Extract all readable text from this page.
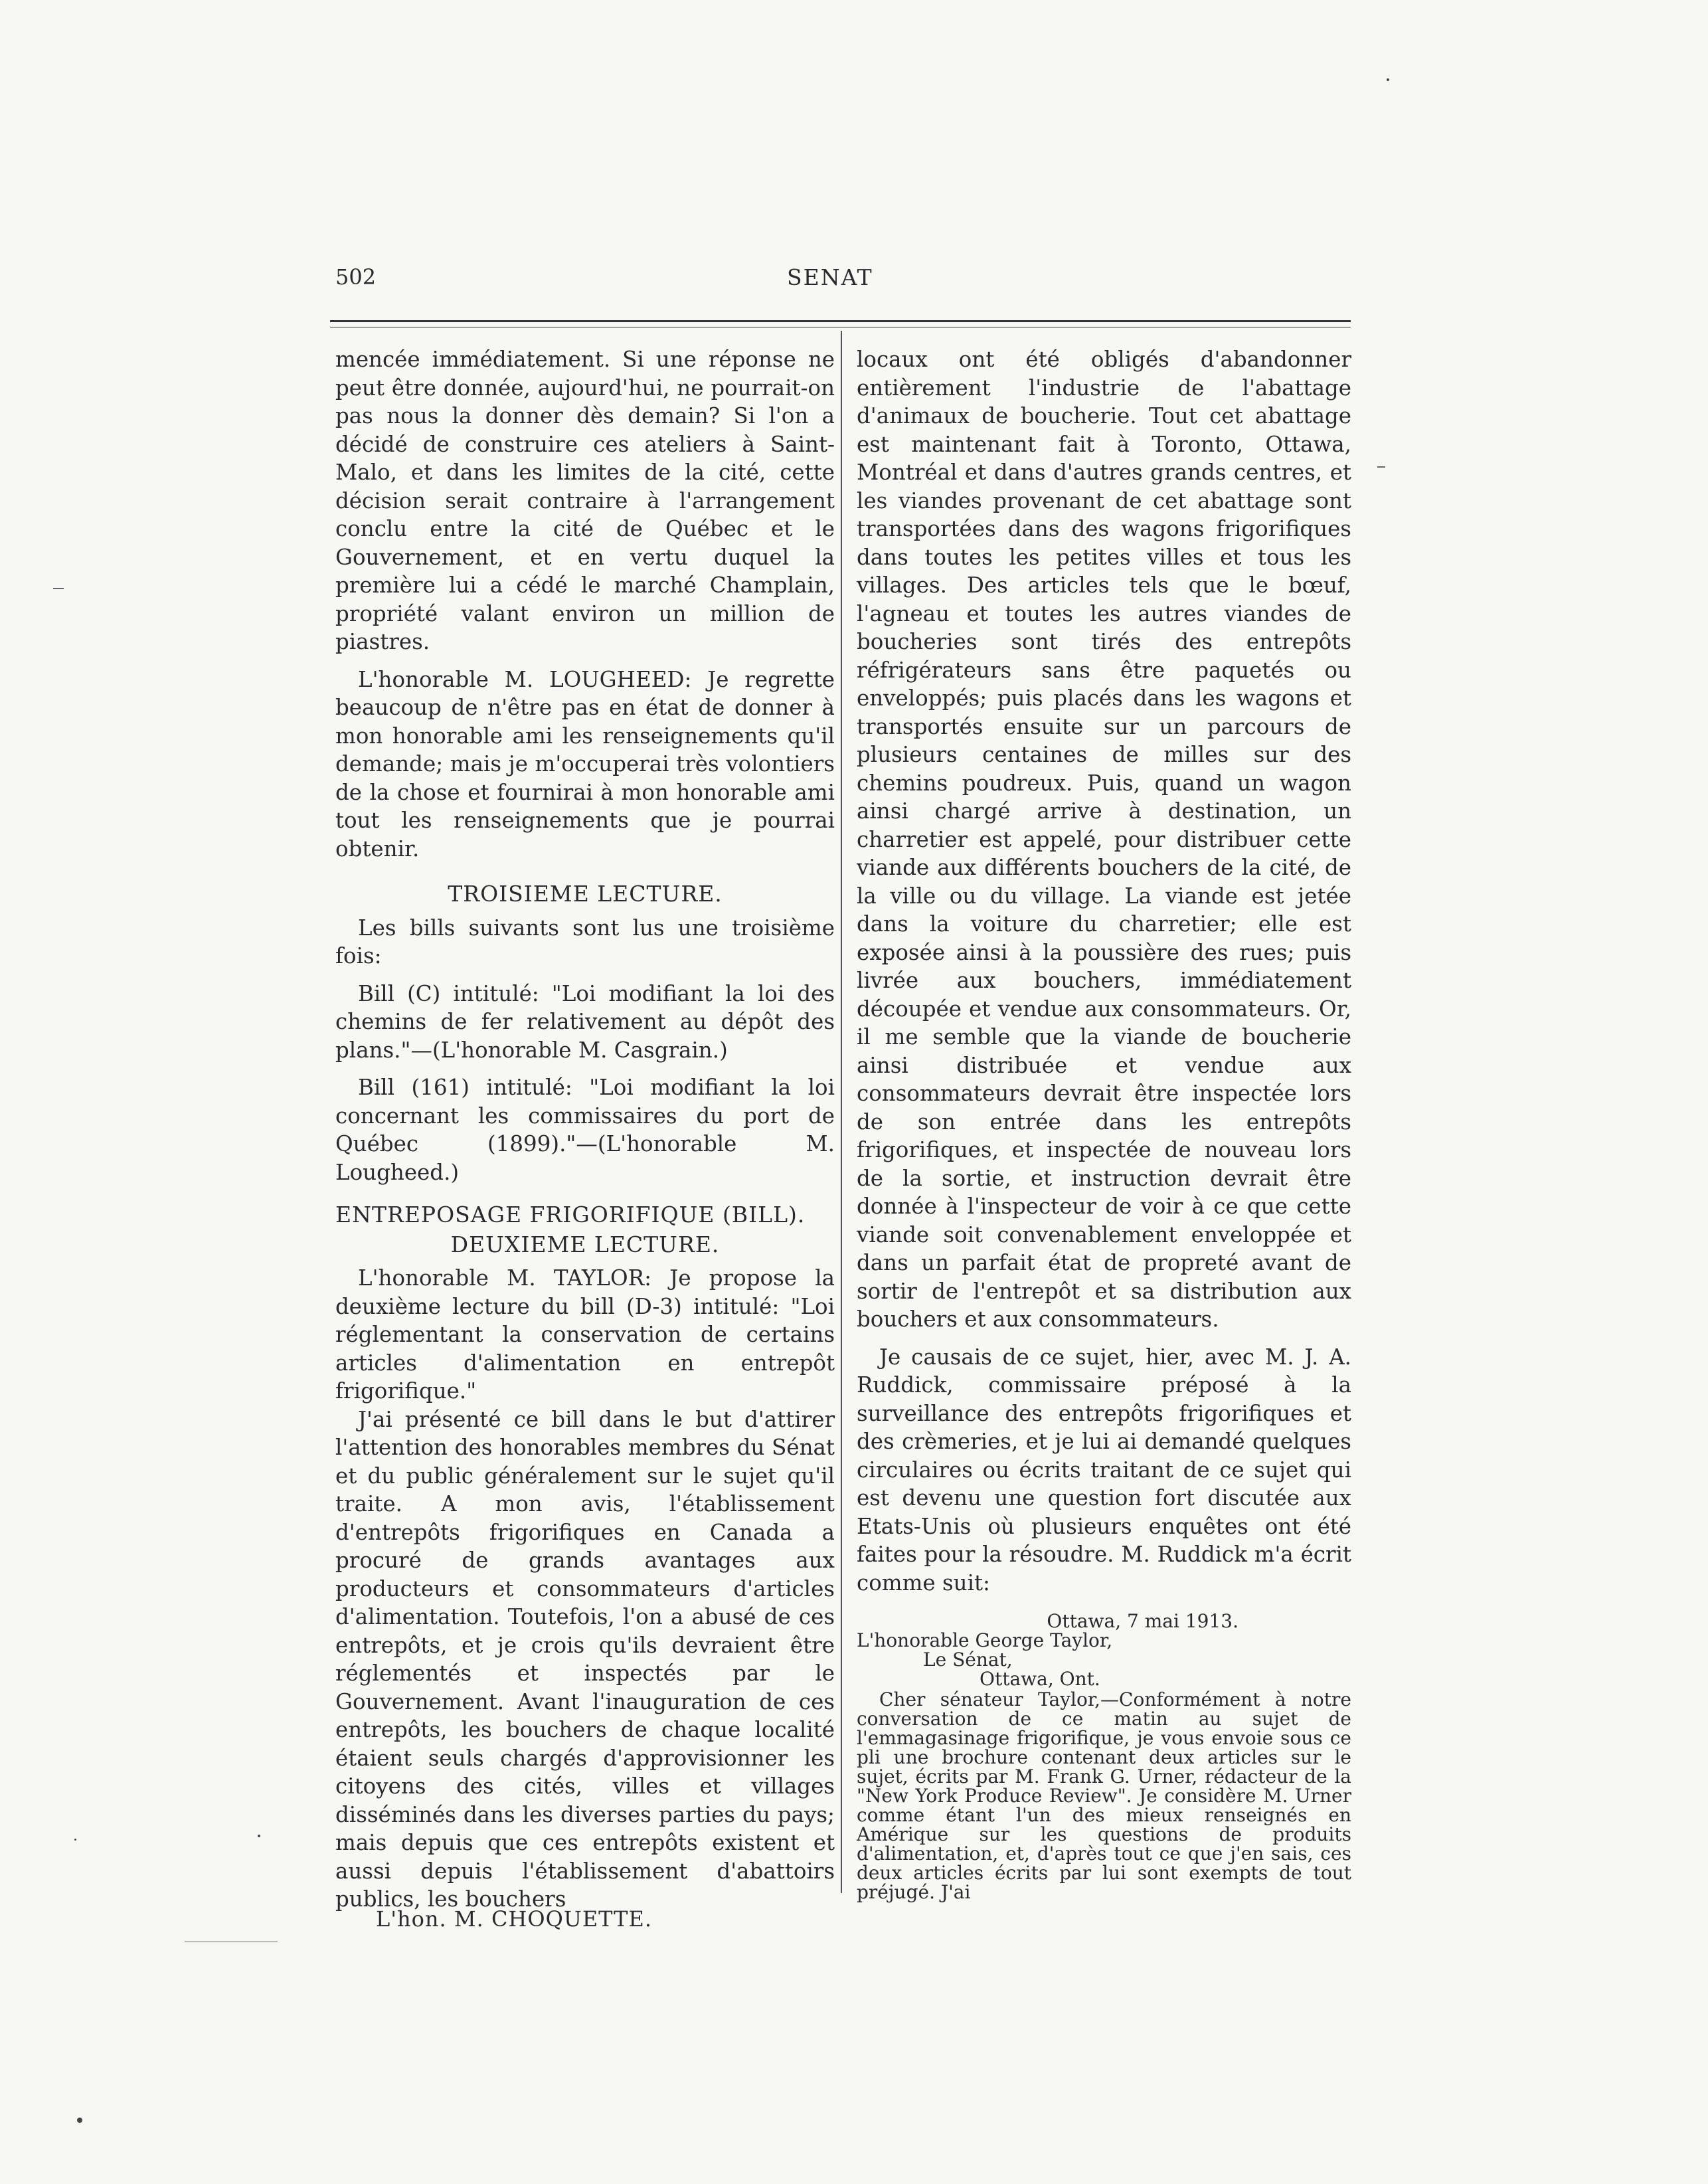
502	SENAT

mencée immédiatement. Si une réponse ne peut être donnée, aujourd'hui, ne pourrait-on pas nous la donner dès demain? Si l'on a décidé de construire ces ateliers à Saint-Malo, et dans les limites de la cité, cette décision serait contraire à l'arrangement conclu entre la cité de Québec et le Gouvernement, et en vertu duquel la première lui a cédé le marché Champlain, propriété valant environ un million de piastres.

L'honorable M. LOUGHEED: Je regrette beaucoup de n'être pas en état de donner à mon honorable ami les renseignements qu'il demande; mais je m'occuperai très volontiers de la chose et fournirai à mon honorable ami tout les renseignements que je pourrai obtenir.

TROISIEME LECTURE.

Les bills suivants sont lus une troisième fois:

Bill (C) intitulé: "Loi modifiant la loi des chemins de fer relativement au dépôt des plans."—(L'honorable M. Casgrain.)

Bill (161) intitulé: "Loi modifiant la loi concernant les commissaires du port de Québec (1899)."—(L'honorable M. Lougheed.)

ENTREPOSAGE FRIGORIFIQUE (BILL).
DEUXIEME LECTURE.

L'honorable M. TAYLOR: Je propose la deuxième lecture du bill (D-3) intitulé: "Loi réglementant la conservation de certains articles d'alimentation en entrepôt frigorifique."

J'ai présenté ce bill dans le but d'attirer l'attention des honorables membres du Sénat et du public généralement sur le sujet qu'il traite. A mon avis, l'établissement d'entrepôts frigorifiques en Canada a procuré de grands avantages aux producteurs et consommateurs d'articles d'alimentation. Toutefois, l'on a abusé de ces entrepôts, et je crois qu'ils devraient être réglementés et inspectés par le Gouvernement. Avant l'inauguration de ces entrepôts, les bouchers de chaque localité étaient seuls chargés d'approvisionner les citoyens des cités, villes et villages disséminés dans les diverses parties du pays; mais depuis que ces entrepôts existent et aussi depuis l'établissement d'abattoirs publics, les bouchers

L'hon. M. CHOQUETTE.

locaux ont été obligés d'abandonner entièrement l'industrie de l'abattage d'animaux de boucherie. Tout cet abattage est maintenant fait à Toronto, Ottawa, Montréal et dans d'autres grands centres, et les viandes provenant de cet abattage sont transportées dans des wagons frigorifiques dans toutes les petites villes et tous les villages. Des articles tels que le bœuf, l'agneau et toutes les autres viandes de boucheries sont tirés des entrepôts réfrigérateurs sans être paquetés ou enveloppés; puis placés dans les wagons et transportés ensuite sur un parcours de plusieurs centaines de milles sur des chemins poudreux. Puis, quand un wagon ainsi chargé arrive à destination, un charretier est appelé, pour distribuer cette viande aux différents bouchers de la cité, de la ville ou du village. La viande est jetée dans la voiture du charretier; elle est exposée ainsi à la poussière des rues; puis livrée aux bouchers, immédiatement découpée et vendue aux consommateurs. Or, il me semble que la viande de boucherie ainsi distribuée et vendue aux consommateurs devrait être inspectée lors de son entrée dans les entrepôts frigorifiques, et inspectée de nouveau lors de la sortie, et instruction devrait être donnée à l'inspecteur de voir à ce que cette viande soit convenablement enveloppée et dans un parfait état de propreté avant de sortir de l'entrepôt et sa distribution aux bouchers et aux consommateurs.

Je causais de ce sujet, hier, avec M. J. A. Ruddick, commissaire préposé à la surveillance des entrepôts frigorifiques et des crèmeries, et je lui ai demandé quelques circulaires ou écrits traitant de ce sujet qui est devenu une question fort discutée aux Etats-Unis où plusieurs enquêtes ont été faites pour la résoudre. M. Ruddick m'a écrit comme suit:

Ottawa, 7 mai 1913.
L'honorable George Taylor,
Le Sénat,
Ottawa, Ont.
Cher sénateur Taylor,—Conformément à notre conversation de ce matin au sujet de l'emmagasinage frigorifique, je vous envoie sous ce pli une brochure contenant deux articles sur le sujet, écrits par M. Frank G. Urner, rédacteur de la "New York Produce Review". Je considère M. Urner comme étant l'un des mieux renseignés en Amérique sur les questions de produits d'alimentation, et, d'après tout ce que j'en sais, ces deux articles écrits par lui sont exempts de tout préjugé. J'ai
